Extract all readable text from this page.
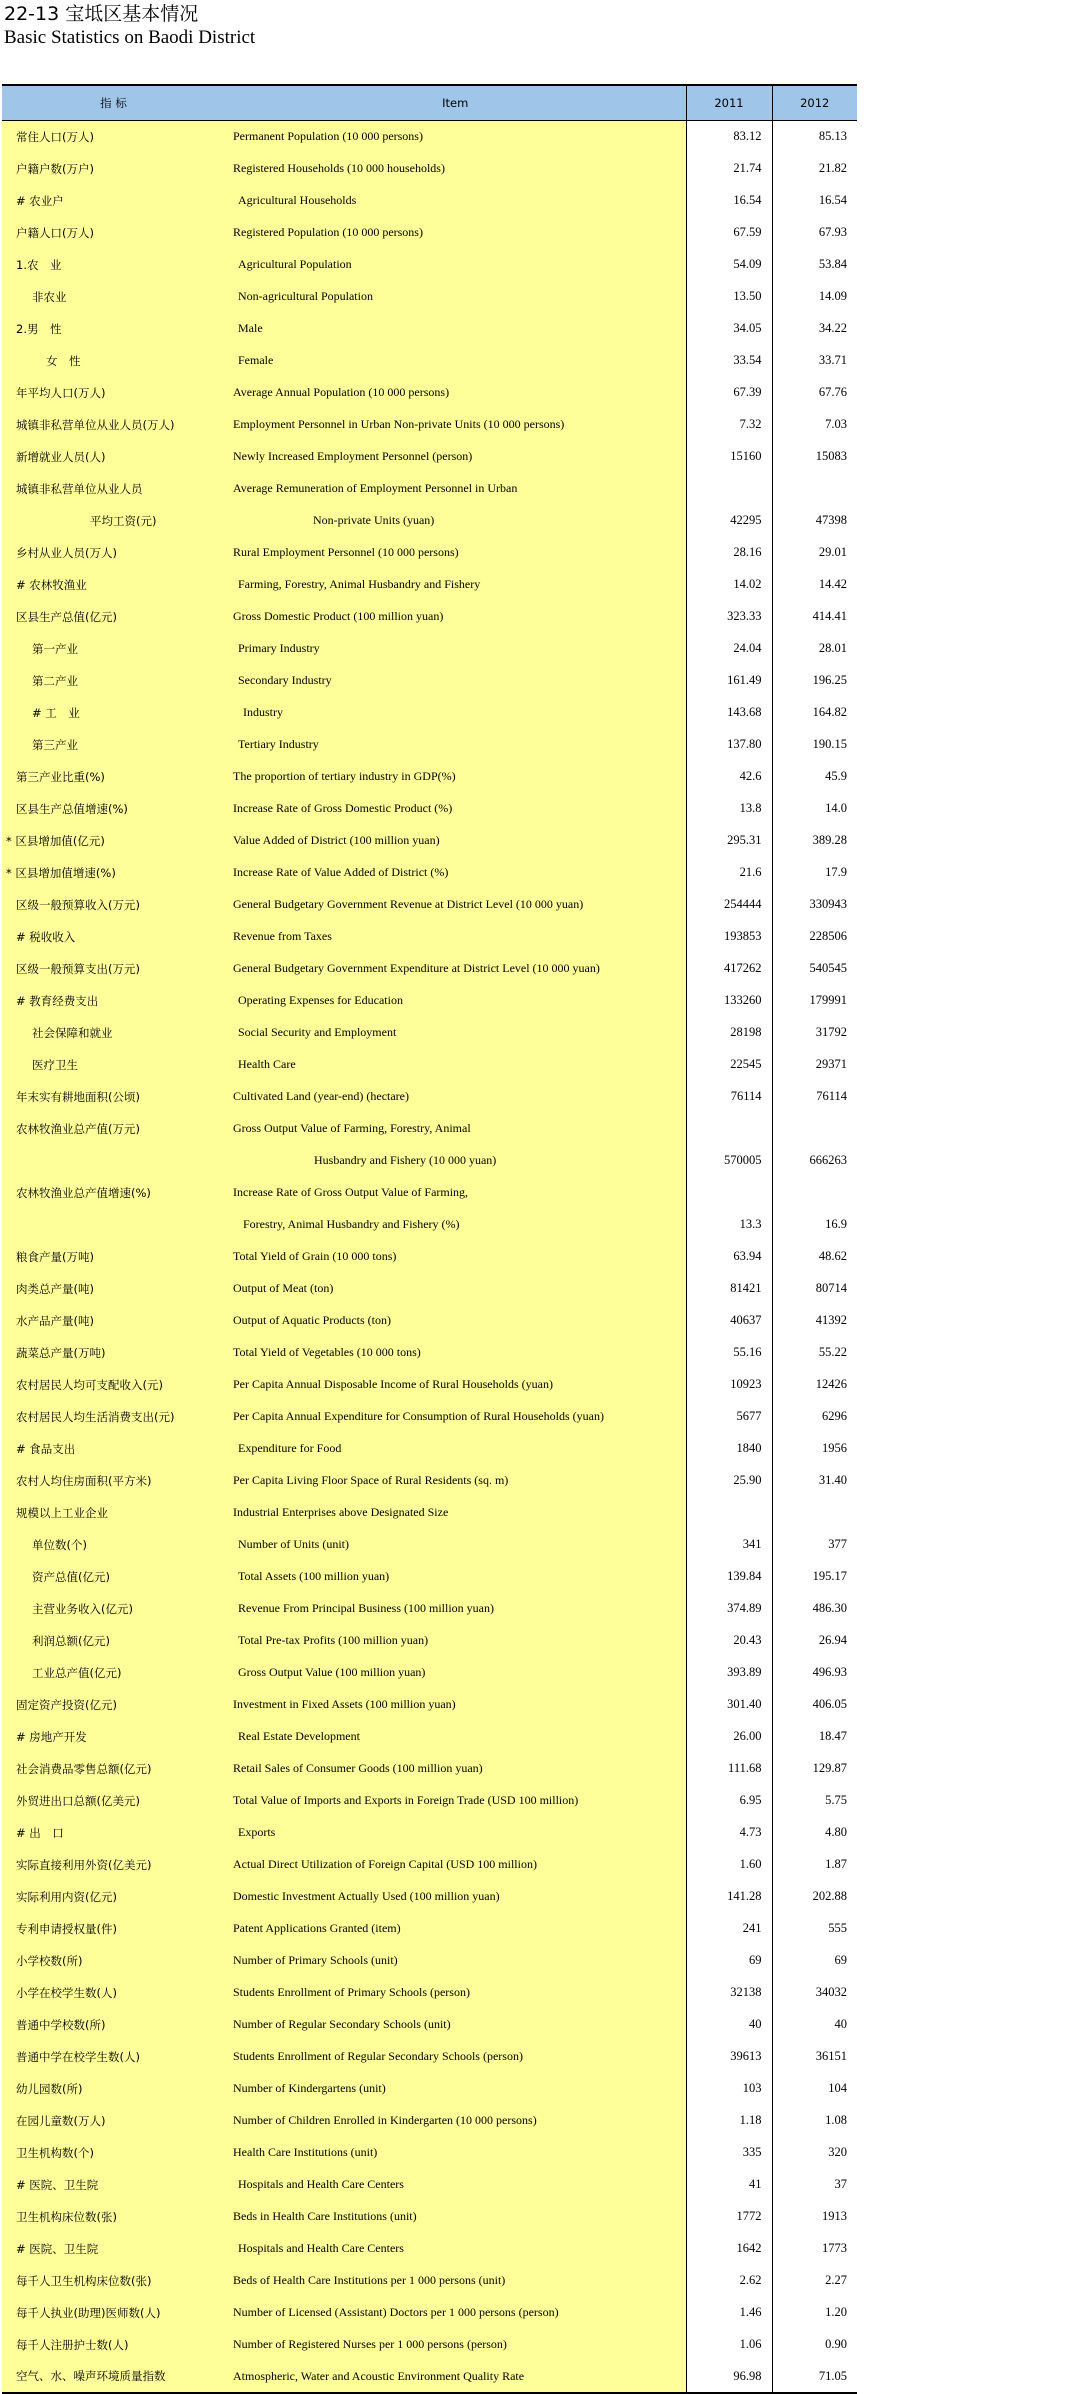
22-13 宝坻区基本情况
Basic Statistics on Baodi District
指 标	Item	2011	2012
常住人口(万人)	Permanent Population (10 000 persons)	83.12	85.13
户籍户数(万户)	Registered Households (10 000 households)	21.74	21.82
# 农业户	Agricultural Households	16.54	16.54
户籍人口(万人)	Registered Population (10 000 persons)	67.59	67.93
1.农　业	Agricultural Population	54.09	53.84
非农业	Non-agricultural Population	13.50	14.09
2.男　性	Male	34.05	34.22
女　性	Female	33.54	33.71
年平均人口(万人)	Average Annual Population (10 000 persons)	67.39	67.76
城镇非私营单位从业人员(万人)	Employment Personnel in Urban Non-private Units (10 000 persons)	7.32	7.03
新增就业人员(人)	Newly Increased Employment Personnel (person)	15160	15083
城镇非私营单位从业人员	Average Remuneration of Employment Personnel in Urban		
平均工资(元)	Non-private Units (yuan)	42295	47398
乡村从业人员(万人)	Rural Employment Personnel (10 000 persons)	28.16	29.01
# 农林牧渔业	Farming, Forestry, Animal Husbandry and Fishery	14.02	14.42
区县生产总值(亿元)	Gross Domestic Product (100 million yuan)	323.33	414.41
第一产业	Primary Industry	24.04	28.01
第二产业	Secondary Industry	161.49	196.25
# 工　业	Industry	143.68	164.82
第三产业	Tertiary Industry	137.80	190.15
第三产业比重(%)	The proportion of tertiary industry in GDP(%)	42.6	45.9
区县生产总值增速(%)	Increase Rate of Gross Domestic Product (%)	13.8	14.0
* 区县增加值(亿元)	Value Added of District (100 million yuan)	295.31	389.28
* 区县增加值增速(%)	Increase Rate of Value Added of District (%)	21.6	17.9
区级一般预算收入(万元)	General Budgetary Government Revenue at District Level (10 000 yuan)	254444	330943
# 税收收入	Revenue from Taxes	193853	228506
区级一般预算支出(万元)	General Budgetary Government Expenditure at District Level (10 000 yuan)	417262	540545
# 教育经费支出	Operating Expenses for Education	133260	179991
社会保障和就业	Social Security and Employment	28198	31792
医疗卫生	Health Care	22545	29371
年末实有耕地面积(公顷)	Cultivated Land (year-end) (hectare)	76114	76114
农林牧渔业总产值(万元)	Gross Output Value of Farming, Forestry, Animal		
	Husbandry and Fishery (10 000 yuan)	570005	666263
农林牧渔业总产值增速(%)	Increase Rate of Gross Output Value of Farming,		
	Forestry, Animal Husbandry and Fishery (%)	13.3	16.9
粮食产量(万吨)	Total Yield of Grain (10 000 tons)	63.94	48.62
肉类总产量(吨)	Output of Meat (ton)	81421	80714
水产品产量(吨)	Output of Aquatic Products (ton)	40637	41392
蔬菜总产量(万吨)	Total Yield of Vegetables (10 000 tons)	55.16	55.22
农村居民人均可支配收入(元)	Per Capita Annual Disposable Income of Rural Households (yuan)	10923	12426
农村居民人均生活消费支出(元)	Per Capita Annual Expenditure for Consumption of Rural Households (yuan)	5677	6296
# 食品支出	Expenditure for Food	1840	1956
农村人均住房面积(平方米)	Per Capita Living Floor Space of Rural Residents (sq. m)	25.90	31.40
规模以上工业企业	Industrial Enterprises above Designated Size		
单位数(个)	Number of Units (unit)	341	377
资产总值(亿元)	Total Assets (100 million yuan)	139.84	195.17
主营业务收入(亿元)	Revenue From Principal Business (100 million yuan)	374.89	486.30
利润总额(亿元)	Total Pre-tax Profits (100 million yuan)	20.43	26.94
工业总产值(亿元)	Gross Output Value (100 million yuan)	393.89	496.93
固定资产投资(亿元)	Investment in Fixed Assets (100 million yuan)	301.40	406.05
# 房地产开发	Real Estate Development	26.00	18.47
社会消费品零售总额(亿元)	Retail Sales of Consumer Goods (100 million yuan)	111.68	129.87
外贸进出口总额(亿美元)	Total Value of Imports and Exports in Foreign Trade (USD 100 million)	6.95	5.75
# 出　口	Exports	4.73	4.80
实际直接利用外资(亿美元)	Actual Direct Utilization of Foreign Capital (USD 100 million)	1.60	1.87
实际利用内资(亿元)	Domestic Investment Actually Used (100 million yuan)	141.28	202.88
专利申请授权量(件)	Patent Applications Granted (item)	241	555
小学校数(所)	Number of Primary Schools (unit)	69	69
小学在校学生数(人)	Students Enrollment of Primary Schools (person)	32138	34032
普通中学校数(所)	Number of Regular Secondary Schools (unit)	40	40
普通中学在校学生数(人)	Students Enrollment of Regular Secondary Schools (person)	39613	36151
幼儿园数(所)	Number of Kindergartens (unit)	103	104
在园儿童数(万人)	Number of Children Enrolled in Kindergarten (10 000 persons)	1.18	1.08
卫生机构数(个)	Health Care Institutions (unit)	335	320
# 医院、卫生院	Hospitals and Health Care Centers	41	37
卫生机构床位数(张)	Beds in Health Care Institutions (unit)	1772	1913
# 医院、卫生院	Hospitals and Health Care Centers	1642	1773
每千人卫生机构床位数(张)	Beds of Health Care Institutions per 1 000 persons (unit)	2.62	2.27
每千人执业(助理)医师数(人)	Number of Licensed (Assistant) Doctors per 1 000 persons (person)	1.46	1.20
每千人注册护士数(人)	Number of Registered Nurses per 1 000 persons (person)	1.06	0.90
空气、水、噪声环境质量指数	Atmospheric, Water and Acoustic Environment Quality Rate	96.98	71.05
